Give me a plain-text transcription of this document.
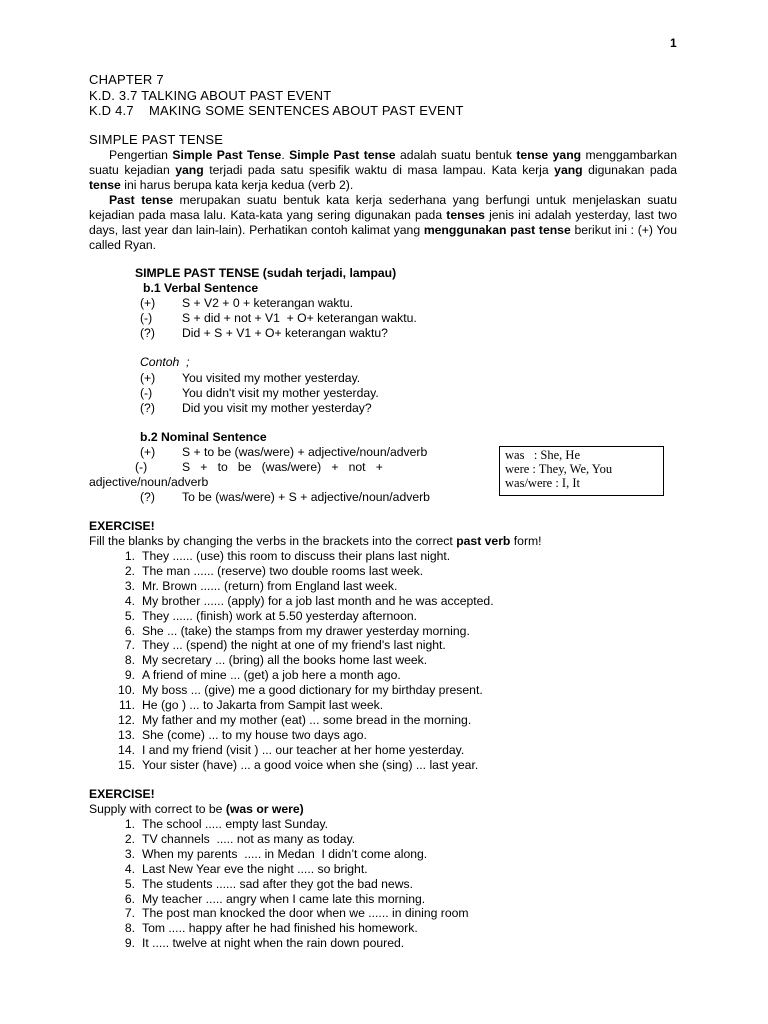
1
CHAPTER 7
K.D. 3.7 TALKING ABOUT PAST EVENT
K.D 4.7    MAKING SOME SENTENCES ABOUT PAST EVENT
SIMPLE PAST TENSE
Pengertian Simple Past Tense. Simple Past tense adalah suatu bentuk tense yang menggambarkan suatu kejadian yang terjadi pada satu spesifik waktu di masa lampau. Kata kerja yang digunakan pada tense ini harus berupa kata kerja kedua (verb 2).
Past tense merupakan suatu bentuk kata kerja sederhana yang berfungi untuk menjelaskan suatu kejadian pada masa lalu. Kata-kata yang sering digunakan pada tenses jenis ini adalah yesterday, last two days, last year dan lain-lain). Perhatikan contoh kalimat yang menggunakan past tense berikut ini : (+) You called Ryan.
SIMPLE PAST TENSE (sudah terjadi, lampau)
b.1 Verbal Sentence
(+)	S + V2 + 0 + keterangan waktu.
(-)	S + did + not + V1  + O+ keterangan waktu.
(?)	Did + S + V1 + O+ keterangan waktu?
Contoh  ;
(+)	You visited my mother yesterday.
(-)	You didn't visit my mother yesterday.
(?)	Did you visit my mother yesterday?
b.2 Nominal Sentence
(+)	S + to be (was/were) + adjective/noun/adverb
(-)	S   +   to   be   (was/were)   +   not   +
adjective/noun/adverb
(?)	To be (was/were) + S + adjective/noun/adverb
was   : She, He
were : They, We, You
was/were : I, It
EXERCISE!
Fill the blanks by changing the verbs in the brackets into the correct past verb form!
1. They ...... (use) this room to discuss their plans last night.
2. The man ...... (reserve) two double rooms last week.
3. Mr. Brown ...... (return) from England last week.
4. My brother ...... (apply) for a job last month and he was accepted.
5. They ...... (finish) work at 5.50 yesterday afternoon.
6. She ... (take) the stamps from my drawer yesterday morning.
7. They ... (spend) the night at one of my friend's last night.
8. My secretary ... (bring) all the books home last week.
9. A friend of mine ... (get) a job here a month ago.
10. My boss ... (give) me a good dictionary for my birthday present.
11. He (go ) ... to Jakarta from Sampit last week.
12. My father and my mother (eat) ... some bread in the morning.
13. She (come) ... to my house two days ago.
14. I and my friend (visit ) ... our teacher at her home yesterday.
15. Your sister (have) ... a good voice when she (sing) ... last year.
EXERCISE!
Supply with correct to be (was or were)
1. The school ..... empty last Sunday.
2. TV channels  ..... not as many as today.
3. When my parents  ..... in Medan  I didn’t come along.
4. Last New Year eve the night ..... so bright.
5. The students ...... sad after they got the bad news.
6. My teacher ..... angry when I came late this morning.
7. The post man knocked the door when we ...... in dining room
8. Tom ..... happy after he had finished his homework.
9. It ..... twelve at night when the rain down poured.
